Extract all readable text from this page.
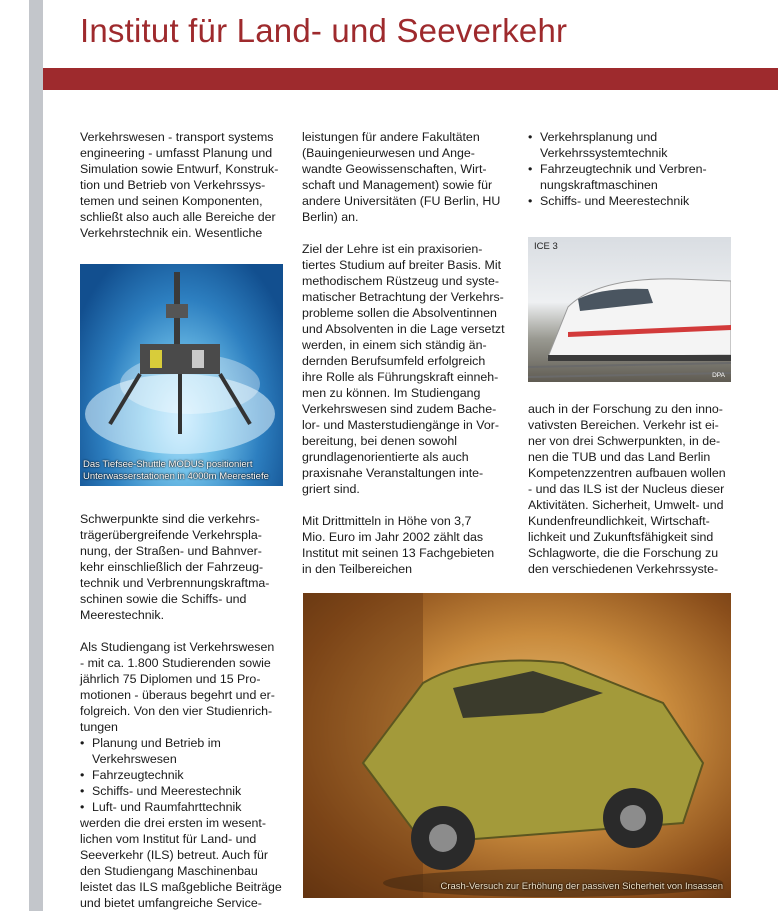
Institut für Land- und Seeverkehr

Verkehrswesen - transport systems
engineering - umfasst Planung und
Simulation sowie Entwurf, Konstruk-
tion und Betrieb von Verkehrssys-
temen und seinen Komponenten,
schließt also auch alle Bereiche der
Verkehrstechnik ein. Wesentliche

Das Tiefsee-Shuttle MODUS positioniert
Unterwasserstationen in 4000m Meerestiefe

Schwerpunkte sind die verkehrs-
trägerübergreifende Verkehrspla-
nung, der Straßen- und Bahnver-
kehr einschließlich der Fahrzeug-
technik und Verbrennungskraftma-
schinen sowie die Schiffs- und
Meerestechnik.

Als Studiengang ist Verkehrswesen
- mit ca. 1.800 Studierenden sowie
jährlich 75 Diplomen und 15 Pro-
motionen - überaus begehrt und er-
folgreich. Von den vier Studienrich-
tungen

• Planung und Betrieb im
Verkehrswesen
• Fahrzeugtechnik
• Schiffs- und Meerestechnik
• Luft- und Raumfahrttechnik

werden die drei ersten im wesent-
lichen vom Institut für Land- und
Seeverkehr (ILS) betreut. Auch für
den Studiengang Maschinenbau
leistet das ILS maßgebliche Beiträge
und bietet umfangreiche Service-

leistungen für andere Fakultäten
(Bauingenieurwesen und Ange-
wandte Geowissenschaften, Wirt-
schaft und Management) sowie für
andere Universitäten (FU Berlin, HU
Berlin) an.

Ziel der Lehre ist ein praxisorien-
tiertes Studium auf breiter Basis. Mit
methodischem Rüstzeug und syste-
matischer Betrachtung der Verkehrs-
probleme sollen die Absolventinnen
und Absolventen in die Lage versetzt
werden, in einem sich ständig än-
dernden Berufsumfeld erfolgreich
ihre Rolle als Führungskraft einneh-
men zu können. Im Studiengang
Verkehrswesen sind zudem Bache-
lor- und Masterstudiengänge in Vor-
bereitung, bei denen sowohl
grundlagenorientierte als auch
praxisnahe Veranstaltungen inte-
griert sind.

Mit Drittmitteln in Höhe von 3,7
Mio. Euro im Jahr 2002 zählt das
Institut mit seinen 13 Fachgebieten
in den Teilbereichen

• Verkehrsplanung und
Verkehrssystemtechnik
• Fahrzeugtechnik und Verbren-
nungskraftmaschinen
• Schiffs- und Meerestechnik
ICE 3
DPA

auch in der Forschung zu den inno-
vativsten Bereichen. Verkehr ist ei-
ner von drei Schwerpunkten, in de-
nen die TUB und das Land Berlin
Kompetenzzentren aufbauen wollen
- und das ILS ist der Nucleus dieser
Aktivitäten. Sicherheit, Umwelt- und
Kundenfreundlichkeit, Wirtschaft-
lichkeit und Zukunftsfähigkeit sind
Schlagworte, die die Forschung zu
den verschiedenen Verkehrssyste-

Crash-Versuch zur Erhöhung der passiven Sicherheit von Insassen
